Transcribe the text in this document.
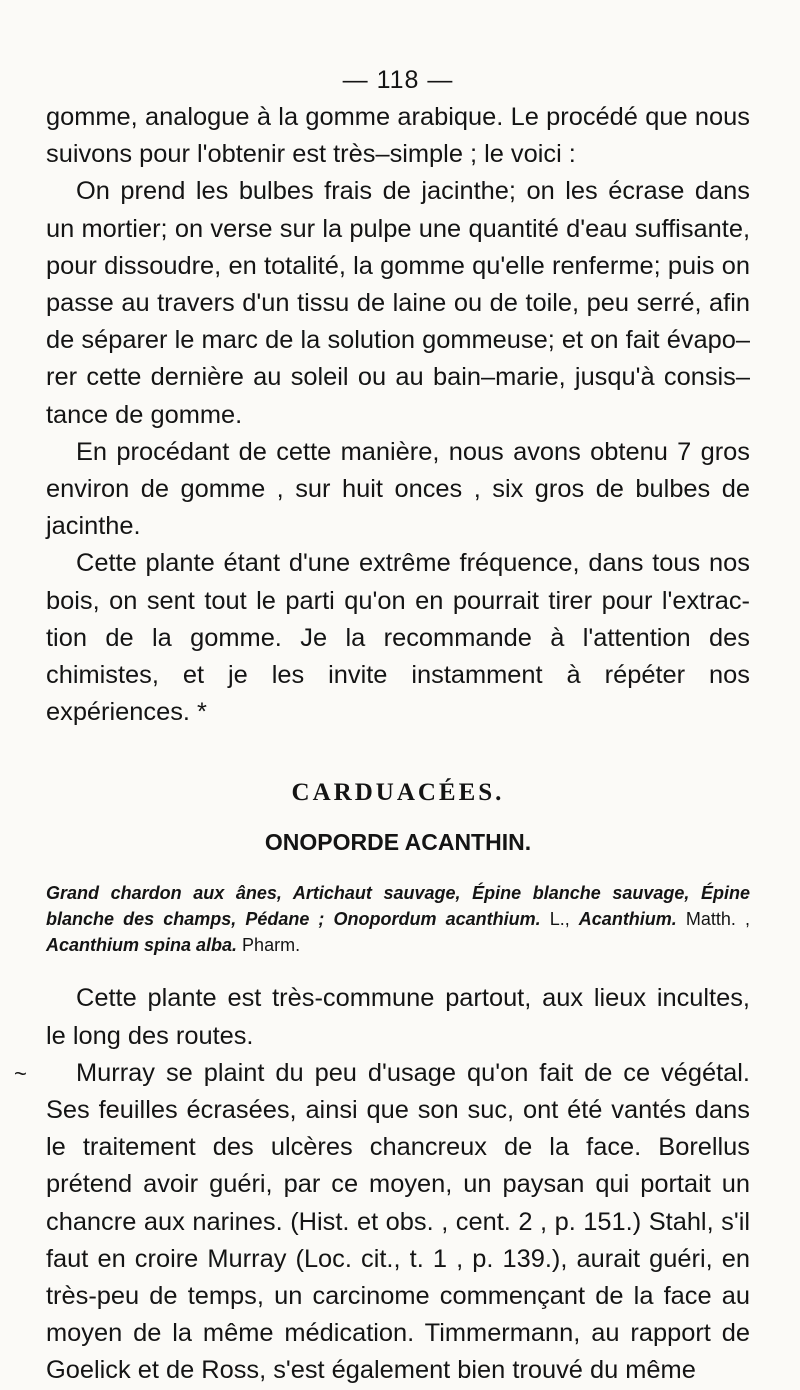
— 118 —

gomme, analogue à la gomme arabique. Le procédé que nous suivons pour l'obtenir est très–simple ; le voici :

On prend les bulbes frais de jacinthe; on les écrase dans un mortier; on verse sur la pulpe une quantité d'eau suffisante, pour dissoudre, en totalité, la gomme qu'elle renferme; puis on passe au travers d'un tissu de laine ou de toile, peu serré, afin de séparer le marc de la solution gommeuse; et on fait évapo– rer cette dernière au soleil ou au bain–marie, jusqu'à consis– tance de gomme.

En procédant de cette manière, nous avons obtenu 7 gros environ de gomme , sur huit onces , six gros de bulbes de jacinthe.

Cette plante étant d'une extrême fréquence, dans tous nos bois, on sent tout le parti qu'on en pourrait tirer pour l'extrac- tion de la gomme. Je la recommande à l'attention des chimistes, et je les invite instamment à répéter nos expériences. *

CARDUACÉES.
ONOPORDE ACANTHIN.

Grand chardon aux ânes, Artichaut sauvage, Épine blanche sauvage, Épine blanche des champs, Pédane ; Onopordum acanthium. L., Acanthium. Matth. , Acanthium spina alba. Pharm.

Cette plante est très-commune partout, aux lieux incultes, le long des routes.

Murray se plaint du peu d'usage qu'on fait de ce végétal. Ses feuilles écrasées, ainsi que son suc, ont été vantés dans le traitement des ulcères chancreux de la face. Borellus prétend avoir guéri, par ce moyen, un paysan qui portait un chancre aux narines. (Hist. et obs. , cent. 2 , p. 151.) Stahl, s'il faut en croire Murray (Loc. cit., t. 1 , p. 139.), aurait guéri, en très-peu de temps, un carcinome commençant de la face au moyen de la même médication. Timmermann, au rapport de Goelick et de Ross, s'est également bien trouvé du même

~
